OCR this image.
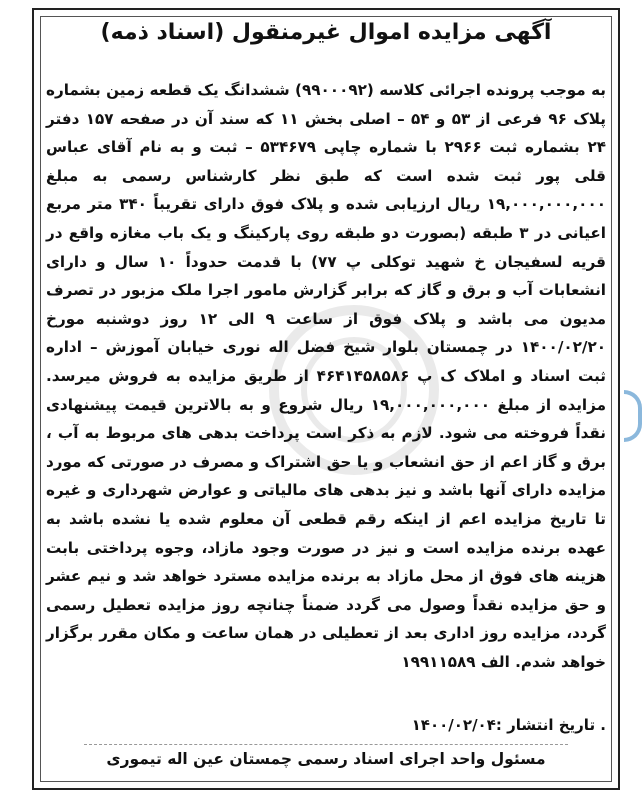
آگهی مزایده اموال غیرمنقول (اسناد ذمه)
به موجب پرونده اجرائی کلاسه (۹۹۰۰۰۹۲) ششدانگ یک قطعه زمین بشماره پلاک ۹۶ فرعی از ۵۳ و ۵۴ – اصلی بخش ۱۱ که سند آن در صفحه ۱۵۷ دفتر ۲۴ بشماره ثبت ۲۹۶۶ با شماره چاپی ۵۳۴۶۷۹ – ثبت و به نام آقای عباس قلی پور ثبت شده است که طبق نظر کارشناس رسمی به مبلغ ۱۹,۰۰۰,۰۰۰,۰۰۰ ریال ارزیابی شده و پلاک فوق دارای تقریباً ۳۴۰ متر مربع اعیانی در ۳ طبقه (بصورت دو طبقه روی پارکینگ و یک باب مغازه واقع در قریه لسفیجان خ شهید توکلی پ ۷۷) با قدمت حدوداً ۱۰ سال و دارای انشعابات آب و برق و گاز که برابر گزارش مامور اجرا ملک مزبور در تصرف مدیون می باشد و پلاک فوق از ساعت ۹ الی ۱۲ روز دوشنبه مورخ ۱۴۰۰/۰۲/۲۰ در چمستان بلوار شیخ فضل اله نوری خیابان آموزش – اداره ثبت اسناد و املاک ک پ ۴۶۴۱۴۵۸۵۸۶ از طریق مزایده به فروش میرسد. مزایده از مبلغ ۱۹,۰۰۰,۰۰۰,۰۰۰ ریال شروع و به بالاترین قیمت پیشنهادی نقداً فروخته می شود. لازم به ذکر است پرداخت بدهی های مربوط به آب ، برق و گاز اعم از حق انشعاب و یا حق اشتراک و مصرف در صورتی که مورد مزایده دارای آنها باشد و نیز بدهی های مالیاتی و عوارض شهرداری و غیره تا تاریخ مزایده اعم از اینکه رقم قطعی آن معلوم شده یا نشده باشد به عهده برنده مزایده است و نیز در صورت وجود مازاد، وجوه پرداختی بابت هزینه های فوق از محل مازاد به برنده مزایده مسترد خواهد شد و نیم عشر و حق مزایده نقداً وصول می گردد ضمناً چنانچه روز مزایده تعطیل رسمی گردد، مزایده روز اداری بعد از تعطیلی در همان ساعت و مکان مقرر برگزار خواهد شدم. الف ۱۹۹۱۱۵۸۹
. تاریخ انتشار :۱۴۰۰/۰۲/۰۴
مسئول واحد اجرای اسناد رسمی چمستان عین اله تیموری
